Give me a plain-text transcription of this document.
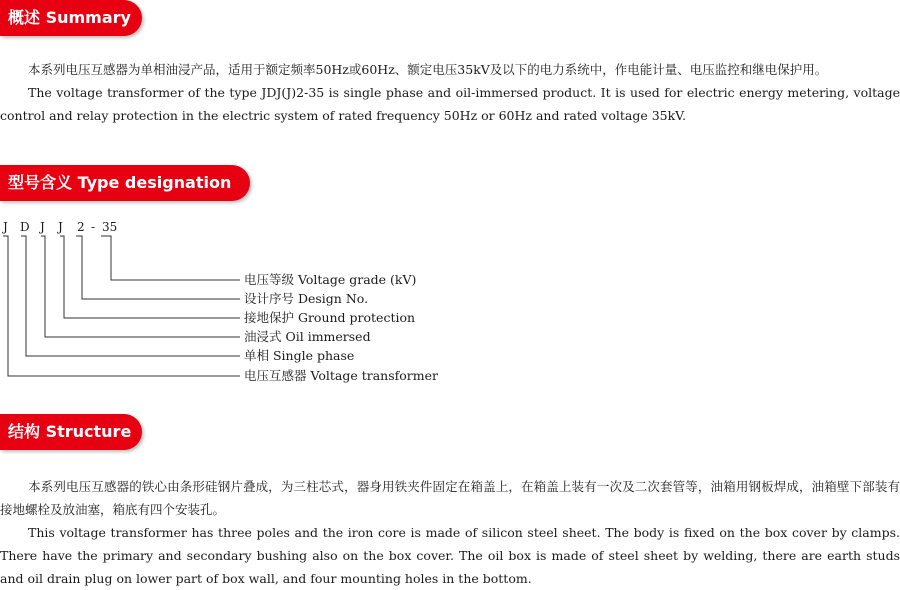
概述 Summary
本系列电压互感器为单相油浸产品，适用于额定频率50Hz或60Hz、额定电压35kV及以下的电力系统中，作电能计量、电压监控和继电保护用。
The voltage transformer of the type JDJ(J)2-35 is single phase and oil-immersed product. It is used for electric energy metering, voltage control and relay protection in the electric system of rated frequency 50Hz or 60Hz and rated voltage 35kV.
型号含义 Type designation
J D J J 2 - 35
电压等级 Voltage grade (kV)
设计序号 Design No.
接地保护 Ground protection
油浸式 Oil immersed
单相 Single phase
电压互感器 Voltage transformer
结构 Structure
本系列电压互感器的铁心由条形硅钢片叠成，为三柱芯式，器身用铁夹件固定在箱盖上，在箱盖上装有一次及二次套管等，油箱用钢板焊成，油箱壁下部装有接地螺栓及放油塞，箱底有四个安装孔。
This voltage transformer has three poles and the iron core is made of silicon steel sheet. The body is fixed on the box cover by clamps. There have the primary and secondary bushing also on the box cover. The oil box is made of steel sheet by welding, there are earth studs and oil drain plug on lower part of box wall, and four mounting holes in the bottom.
